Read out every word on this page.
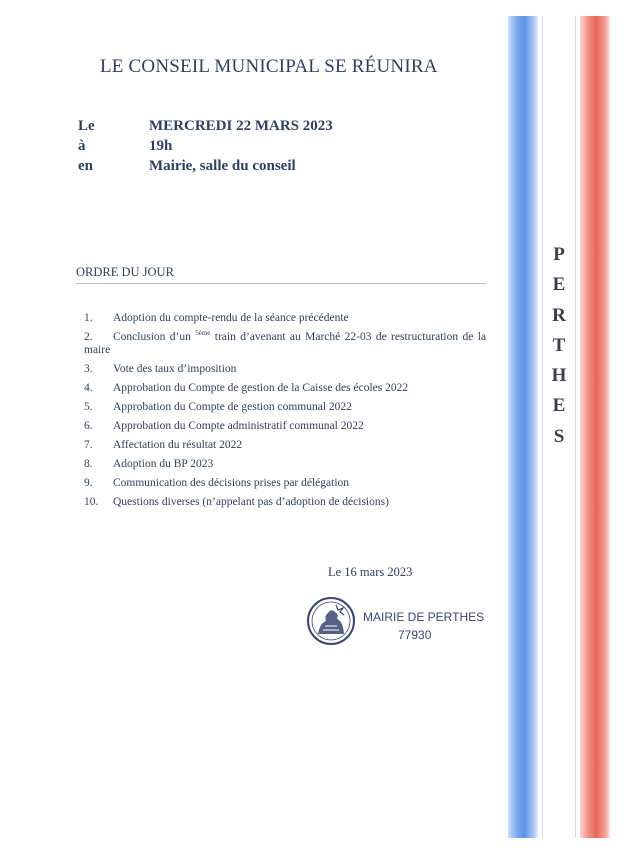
LE CONSEIL MUNICIPAL SE RÉUNIRA
Le	MERCREDI 22 MARS 2023
à	19h
en	Mairie, salle du conseil
ORDRE DU JOUR
1.	Adoption du compte-rendu de la séance précédente
2.	Conclusion d’un $^{5ème}$ train d’avenant au Marché 22-03 de restructuration de la maire
3.	Vote des taux d’imposition
4.	Approbation du Compte de gestion de la Caisse des écoles 2022
5.	Approbation du Compte de gestion communal 2022
6.	Approbation du Compte administratif communal 2022
7.	Affectation du résultat 2022
8.	Adoption du BP 2023
9.	Communication des décisions prises par délégation
10.	Questions diverses (n’appelant pas d’adoption de décisions)
Le 16 mars 2023
MAIRIE DE PERTHES
77930
P
E
R
T
H
E
S
